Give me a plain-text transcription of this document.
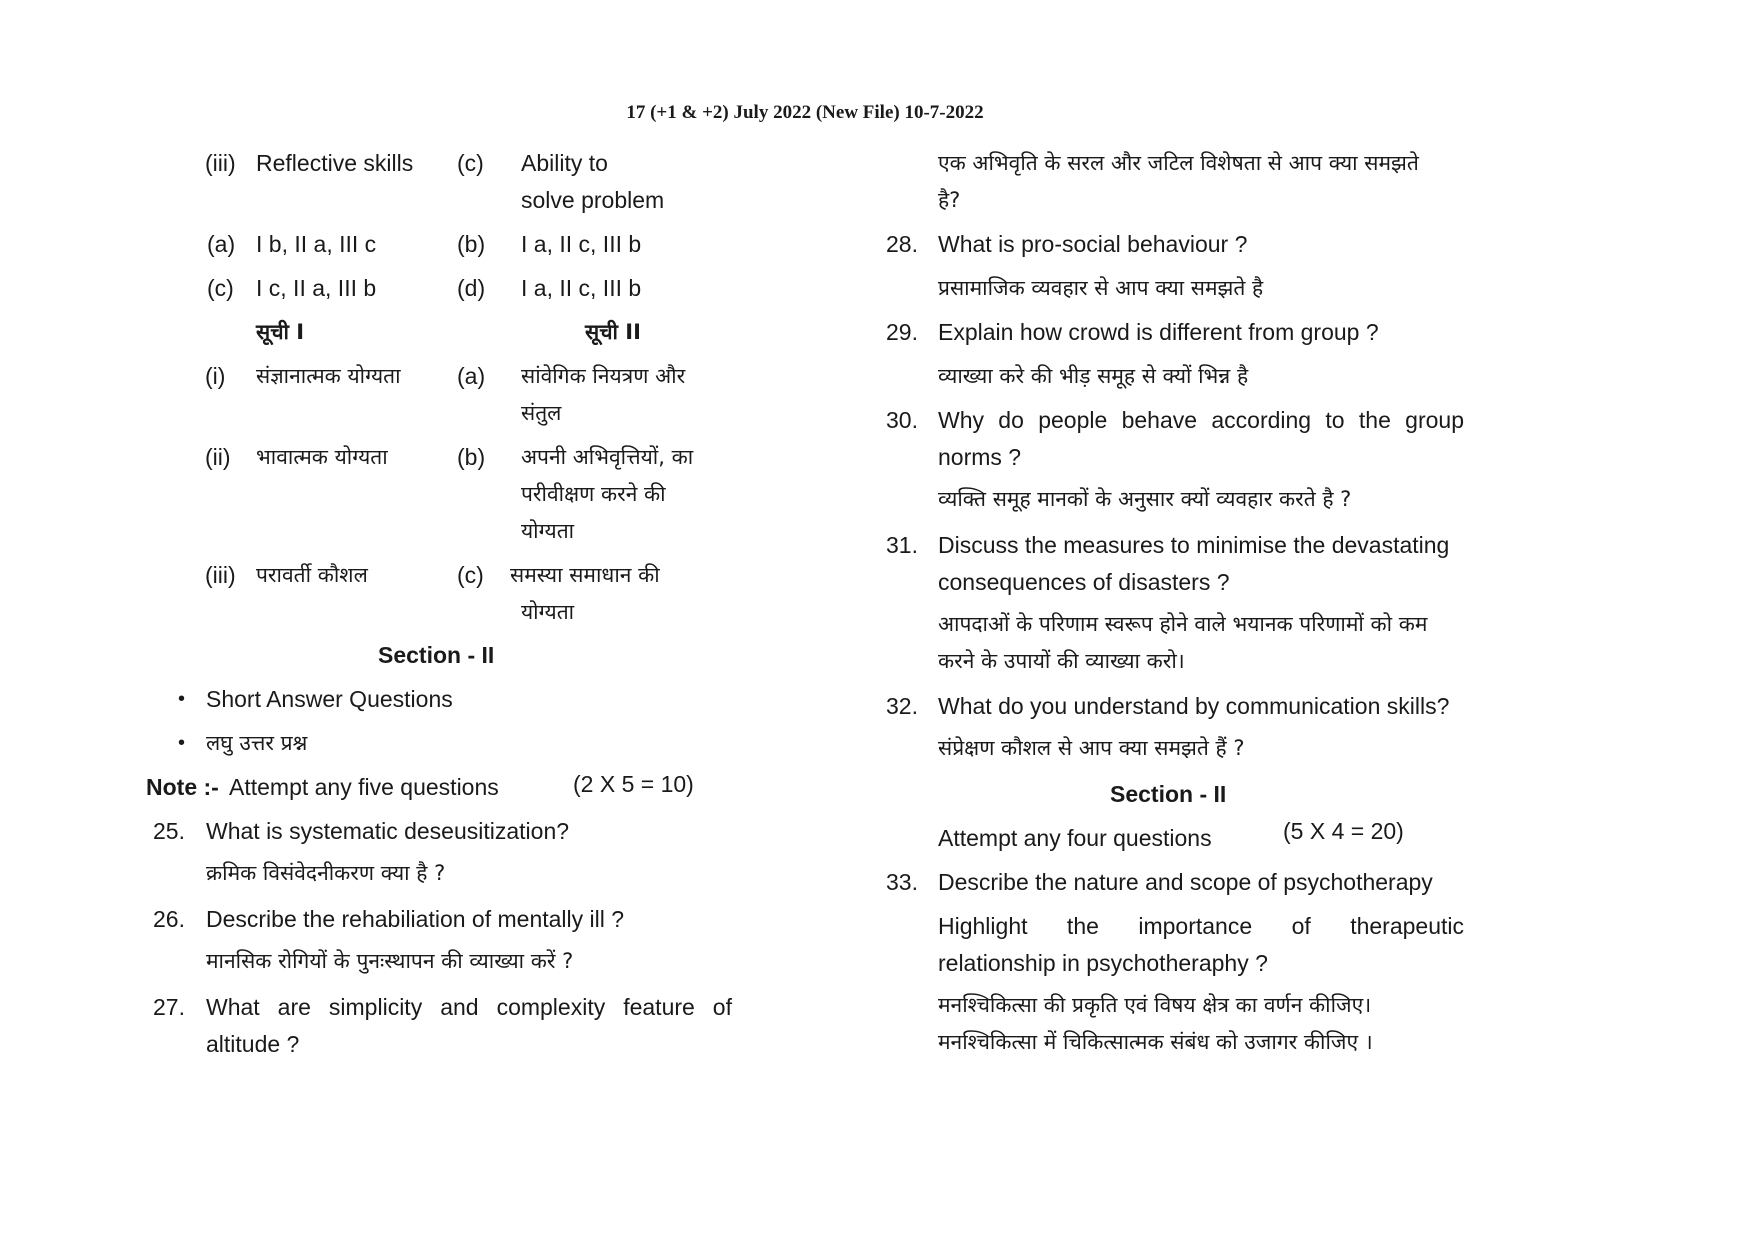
17 (+1 & +2) July 2022 (New File) 10-7-2022
(iii) Reflective skills (c) Ability to
solve problem
(a) I b, II a, III c	(b) I a, II c, III b
(c) I c, II a, III b	(d) I a, II c, III b
सूची I	सूची II
(i) संज्ञानात्मक योग्यता (a) सांवेगिक नियत्रण और
संतुल
(ii) भावात्मक योग्यता	(b) अपनी अभिवृत्तियों, का
परीवीक्षण करने की
योग्यता
(iii) परावर्ती कौशल	(c) समस्या समाधान की
योग्यता
Section - II
• Short Answer Questions
• लघु उत्तर प्रश्न
Note :- Attempt any five questions	(2 X 5 = 10)
25. What is systematic deseusitization?
क्रमिक विसंवेदनीकरण क्या है ?
26. Describe the rehabiliation of mentally ill ?
मानसिक रोगियों के पुनःस्थापन की व्याख्या करें ?
27. What are simplicity and complexity feature of
altitude ?
एक अभिवृति के सरल और जटिल विशेषता से आप क्या समझते
है?
28. What is pro-social behaviour ?
प्रसामाजिक व्यवहार से आप क्या समझते है
29. Explain how crowd is different from group ?
व्याख्या करे की भीड़ समूह से क्यों भिन्न है
30. Why do people behave according to the group
norms ?
व्यक्ति समूह मानकों के अनुसार क्यों व्यवहार करते है ?
31. Discuss the measures to minimise the devastating
consequences of disasters ?
आपदाओं के परिणाम स्वरूप होने वाले भयानक परिणामों को कम
करने के उपायों की व्याख्या करो।
32. What do you understand by communication skills?
संप्रेक्षण कौशल से आप क्या समझते हैं ?
Section - II
Attempt any four questions	(5 X 4 = 20)
33. Describe the nature and scope of psychotherapy
Highlight the importance of therapeutic
relationship in psychotheraphy ?
मनश्चिकित्सा की प्रकृति एवं विषय क्षेत्र का वर्णन कीजिए।
मनश्चिकित्सा में चिकित्सात्मक संबंध को उजागर कीजिए ।
